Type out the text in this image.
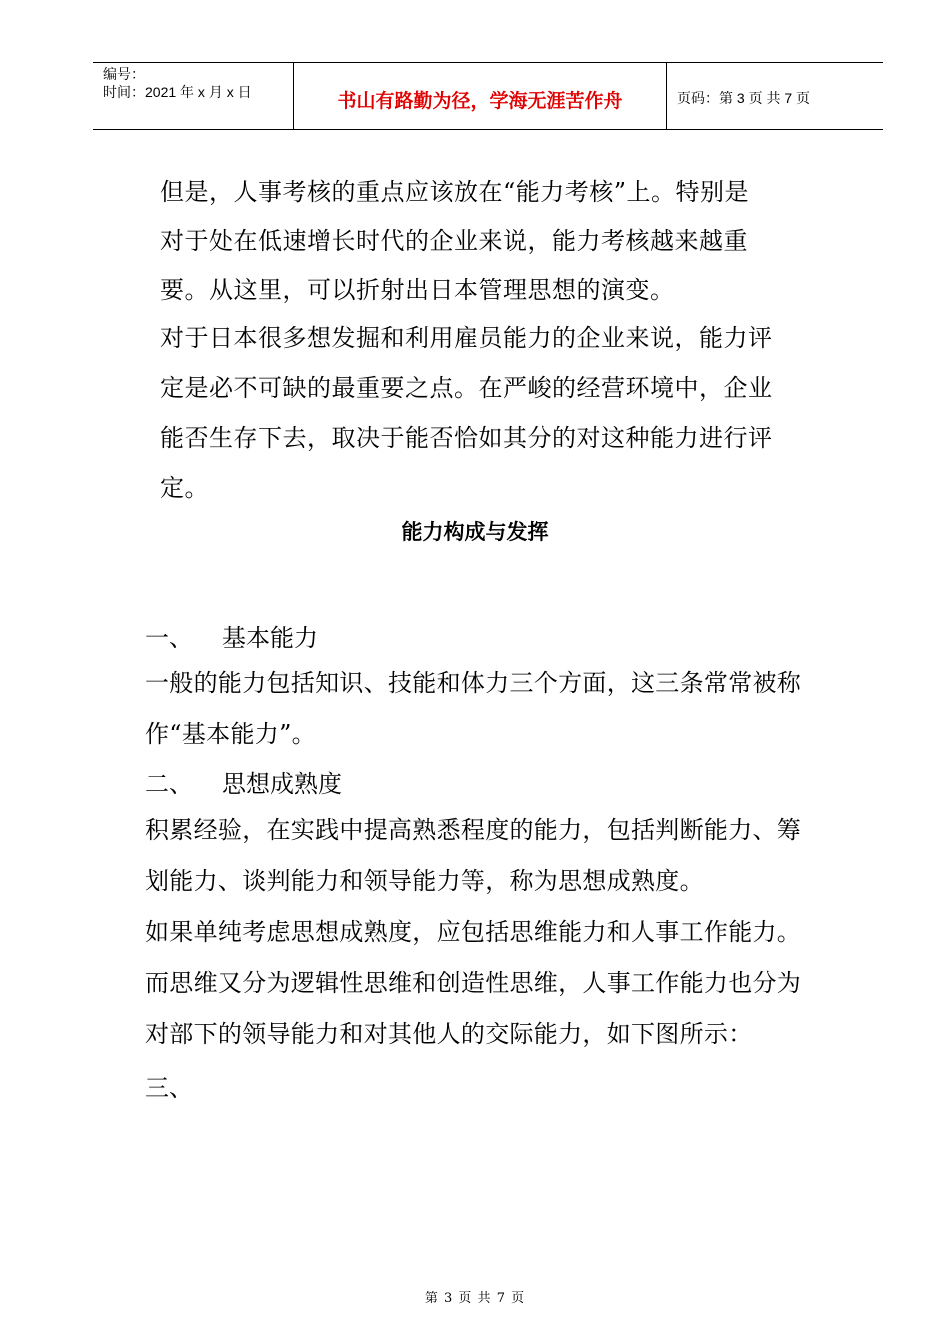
编号：
时间：2021 年 x 月 x 日	书山有路勤为径，学海无涯苦作舟	页码：第 3 页 共 7 页
但是，人事考核的重点应该放在“能力考核”上。特别是
对于处在低速增长时代的企业来说，能力考核越来越重
要。从这里，可以折射出日本管理思想的演变。
对于日本很多想发掘和利用雇员能力的企业来说，能力评
定是必不可缺的最重要之点。在严峻的经营环境中，企业
能否生存下去，取决于能否恰如其分的对这种能力进行评
定。
能力构成与发挥
一、 基本能力
一般的能力包括知识、技能和体力三个方面，这三条常常被称
作“基本能力”。
二、 思想成熟度
积累经验，在实践中提高熟悉程度的能力，包括判断能力、筹
划能力、谈判能力和领导能力等，称为思想成熟度。
如果单纯考虑思想成熟度，应包括思维能力和人事工作能力。
而思维又分为逻辑性思维和创造性思维，人事工作能力也分为
对部下的领导能力和对其他人的交际能力，如下图所示：
三、
第 3 页 共 7 页
